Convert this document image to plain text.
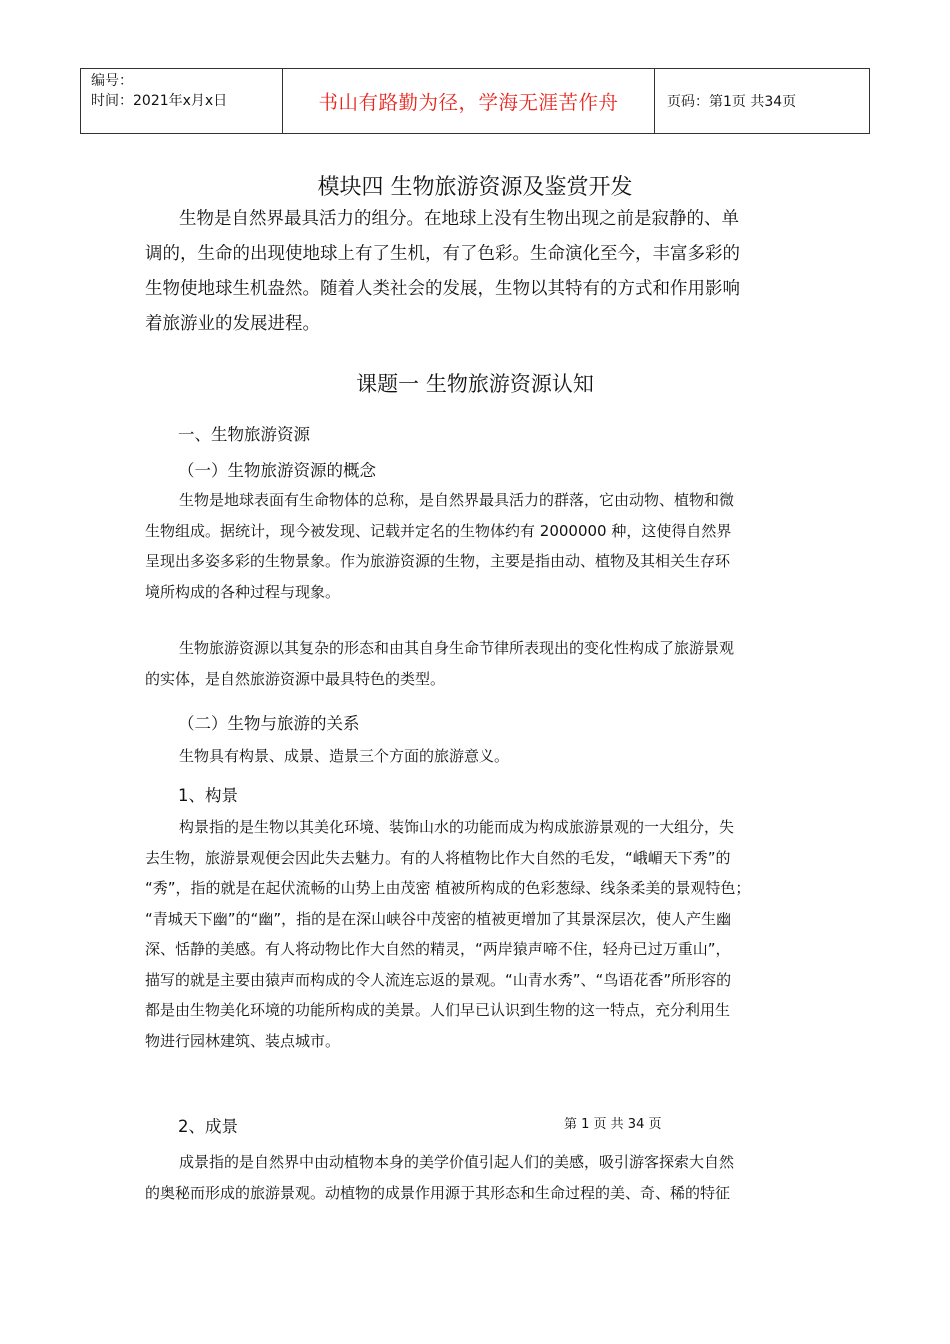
编号：
时间：2021年x月x日	书山有路勤为径，学海无涯苦作舟	页码：第1页 共34页
模块四 生物旅游资源及鉴赏开发
生物是自然界最具活力的组分。在地球上没有生物出现之前是寂静的、单
调的，生命的出现使地球上有了生机，有了色彩。生命演化至今，丰富多彩的
生物使地球生机盎然。随着人类社会的发展，生物以其特有的方式和作用影响
着旅游业的发展进程。
课题一 生物旅游资源认知
一、生物旅游资源
（一）生物旅游资源的概念
生物是地球表面有生命物体的总称，是自然界最具活力的群落，它由动物、植物和微
生物组成。据统计，现今被发现、记载并定名的生物体约有 2000000 种，这使得自然界
呈现出多姿多彩的生物景象。作为旅游资源的生物，主要是指由动、植物及其相关生存环
境所构成的各种过程与现象。
生物旅游资源以其复杂的形态和由其自身生命节律所表现出的变化性构成了旅游景观
的实体，是自然旅游资源中最具特色的类型。
（二）生物与旅游的关系
生物具有构景、成景、造景三个方面的旅游意义。
1、构景
构景指的是生物以其美化环境、装饰山水的功能而成为构成旅游景观的一大组分，失
去生物，旅游景观便会因此失去魅力。有的人将植物比作大自然的毛发，“峨嵋天下秀”的
“秀”，指的就是在起伏流畅的山势上由茂密 植被所构成的色彩葱绿、线条柔美的景观特色；
“青城天下幽”的“幽”，指的是在深山峡谷中茂密的植被更增加了其景深层次，使人产生幽
深、恬静的美感。有人将动物比作大自然的精灵，“两岸猿声啼不住，轻舟已过万重山”，
描写的就是主要由猿声而构成的令人流连忘返的景观。“山青水秀”、“鸟语花香”所形容的
都是由生物美化环境的功能所构成的美景。人们早已认识到生物的这一特点，充分利用生
物进行园林建筑、装点城市。
2、成景	第 1 页 共 34 页
成景指的是自然界中由动植物本身的美学价值引起人们的美感，吸引游客探索大自然
的奥秘而形成的旅游景观。动植物的成景作用源于其形态和生命过程的美、奇、稀的特征
